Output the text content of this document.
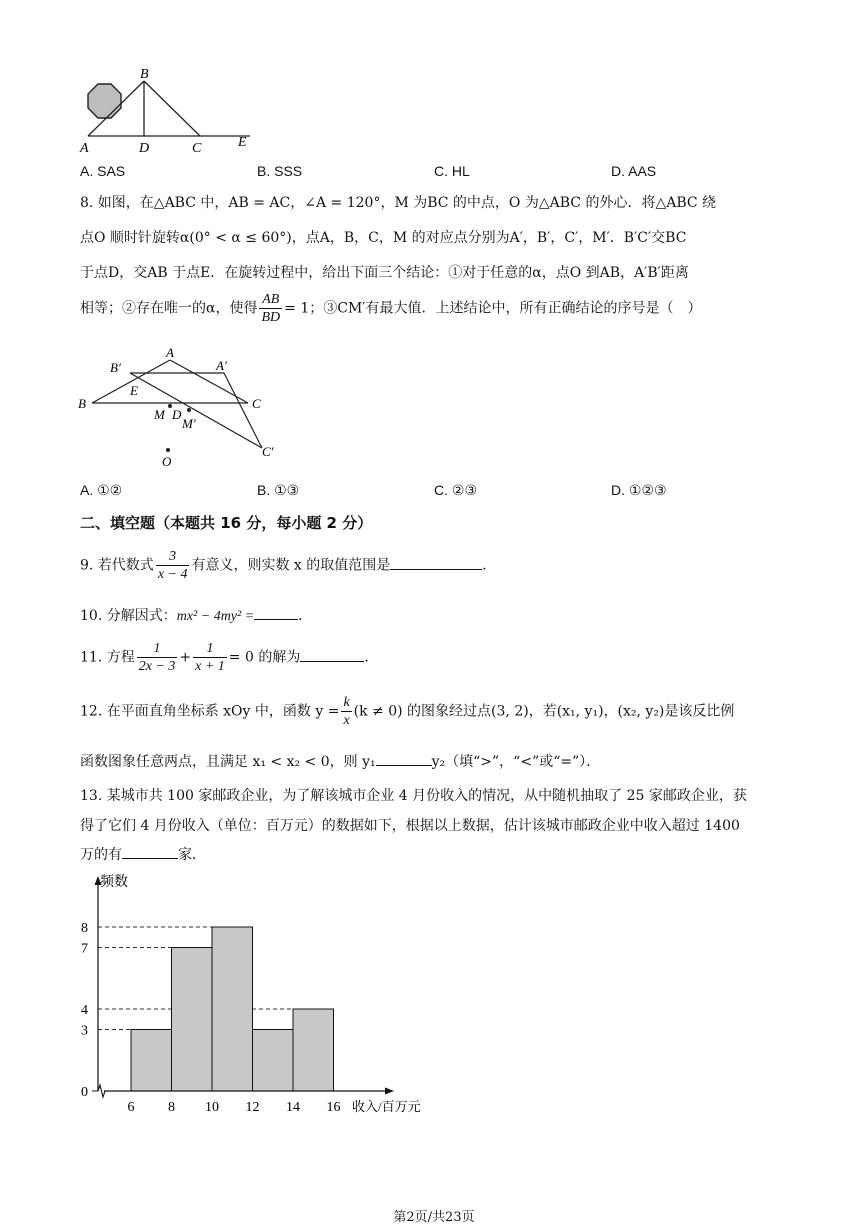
B
A	D	C	E
A. SAS	B. SSS	C. HL	D. AAS
8. 如图，在△ABC 中，AB = AC，∠A = 120°，M 为BC 的中点，O 为△ABC 的外心．将△ABC 绕
点O 顺时针旋转α(0° < α ≤ 60°)，点A，B，C，M 的对应点分别为A′，B′，C′，M′．B′C′交BC
于点D，交AB 于点E．在旋转过程中，给出下面三个结论：①对于任意的α，点O 到AB，A′B′距离
相等；②存在唯一的α，使得 $\frac{AB}{BD} = 1$；③CM′有最大值．上述结论中，所有正确结论的序号是（　）
A
B′	A′
E
B	C
M D
M′
C′
O
A. ①②	B. ①③	C. ②③	D. ①②③
二、填空题（本题共 16 分，每小题 2 分）
9. 若代数式 $\frac{3}{x - 4}$ 有意义，则实数 x 的取值范围是	．
10. 分解因式：mx² − 4my² =	．
11. 方程 $\frac{1}{2x - 3} + \frac{1}{x + 1} = 0$ 的解为	．
12. 在平面直角坐标系 xOy 中，函数 $y = \frac{k}{x} (k \ne 0)$ 的图象经过点(3, 2)，若(x₁, y₁)，(x₂, y₂)是该反比例
函数图象任意两点，且满足 x₁ < x₂ < 0，则 y₁	y₂（填“>”，“<”或“=”）．
13. 某城市共 100 家邮政企业，为了解该城市企业 4 月份收入的情况，从中随机抽取了 25 家邮政企业，获
得了它们 4 月份收入（单位：百万元）的数据如下，根据以上数据，估计该城市邮政企业中收入超过 1400
万的有	家．
频数
收入/百万元
0
3
4
7
8
6 8 10 12 14 16
第2页/共23页
